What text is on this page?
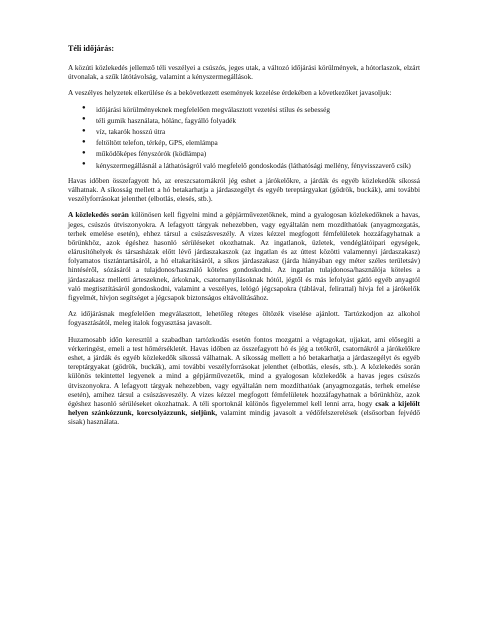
Téli időjárás:

A közúti közlekedés jellemző téli veszélyei a csúszós, jeges utak, a változó időjárási körülmények, a hótorlaszok, elzárt útvonalak, a szűk látótávolság, valamint a kényszermegállások.

A veszélyes helyzetek elkerülése és a bekövetkezett események kezelése érdekében a következőket javasoljuk:

● időjárási körülményeknek megfelelően megválasztott vezetési stílus és sebesség
● téli gumik használata, hólánc, fagyálló folyadék
● víz, takarók hosszú útra
● feltöltött telefon, térkép, GPS, elemlámpa
● működőképes fényszórók (ködlámpa)
● kényszermegállásnál a láthatóságról való megfelelő gondoskodás (láthatósági mellény, fényvisszaverő csík)

Havas időben összefagyott hó, az ereszcsatornákról jég eshet a járókelőkre, a járdák és egyéb közlekedők síkossá válhatnak. A síkosság mellett a hó betakarhatja a járdaszegélyt és egyéb tereptárgyakat (gödrök, buckák), ami további veszélyforrásokat jelenthet (elbotlás, elesés, stb.).

A közlekedés során különösen kell figyelni mind a gépjárművezetőknek, mind a gyalogosan közlekedőknek a havas, jeges, csúszós útviszonyokra. A lefagyott tárgyak nehezebben, vagy egyáltalán nem mozdíthatóak (anyagmozgatás, terhek emelése esetén), ehhez társul a csúszásveszély. A vizes kézzel megfogott fémfelületek hozzáfagyhatnak a bőrünkhöz, azok égéshez hasonló sérüléseket okozhatnak. Az ingatlanok, üzletek, vendéglátóipari egységek, elárusítóhelyek és társasházak előtt lévő járdaszakaszok (az ingatlan és az úttest közötti valamennyi járdaszakasz) folyamatos tisztántartásáról, a hó eltakarításáról, a síkos járdaszakasz (járda hiányában egy méter széles területsáv) hintéséről, sózásáról a tulajdonos/használó köteles gondoskodni. Az ingatlan tulajdonosa/használója köteles a járdaszakasz melletti árteszeknek, árkoknak, csatornanyílásoknak hótól, jégtől és más lefolyást gátló egyéb anyagtól való megtisztításáról gondoskodni, valamint a veszélyes, lelógó jégcsapokra (táblával, felirattal) hívja fel a járókelők figyelmét, hívjon segítséget a jégcsapok biztonságos eltávolításához.

Az időjárásnak megfelelően megválasztott, lehetőleg réteges öltözék viselése ajánlott. Tartózkodjon az alkohol fogyasztásától, meleg italok fogyasztása javasolt.

Huzamosabb időn keresztül a szabadban tartózkodás esetén fontos mozgatni a végtagokat, ujjakat, ami elősegíti a vérkeringést, emeli a test hőmérsékletét. Havas időben az összefagyott hó és jég a tetőkről, csatornákról a járókelőkre eshet, a járdák és egyéb közlekedők síkossá válhatnak. A síkosság mellett a hó betakarhatja a járdaszegélyt és egyéb tereptárgyakat (gödrök, buckák), ami további veszélyforrásokat jelenthet (elbotlás, elesés, stb.). A közlekedés során különös tekintettel legyenek a mind a gépjárművezetők, mind a gyalogosan közlekedők a havas jeges csúszós útviszonyokra. A lefagyott tárgyak nehezebben, vagy egyáltalán nem mozdíthatóak (anyagmozgatás, terhek emelése esetén), amihez társul a csúszásveszély. A vizes kézzel megfogott fémfelületek hozzáfagyhatnak a bőrünkhöz, azok égéshez hasonló sérüléseket okozhatnak. A téli sportoknál különös figyelemmel kell lenni arra, hogy csak a kijelölt helyen szánkózzunk, korcsolyázzunk, síeljünk, valamint mindig javasolt a védőfelszerelések (elsősorban fejvédő sisak) használata.
